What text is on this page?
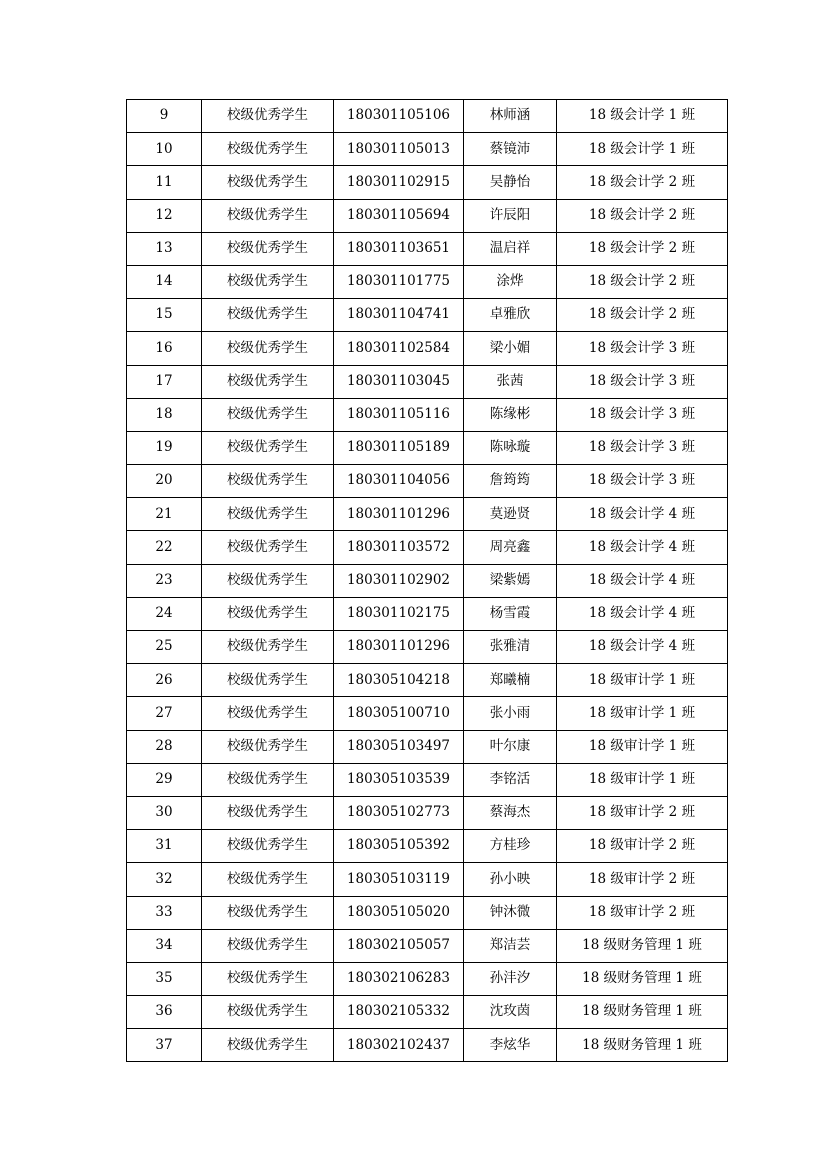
9	校级优秀学生	180301105106	林师涵	18 级会计学 1 班
10	校级优秀学生	180301105013	蔡镜沛	18 级会计学 1 班
11	校级优秀学生	180301102915	吴静怡	18 级会计学 2 班
12	校级优秀学生	180301105694	许辰阳	18 级会计学 2 班
13	校级优秀学生	180301103651	温启祥	18 级会计学 2 班
14	校级优秀学生	180301101775	涂烨	18 级会计学 2 班
15	校级优秀学生	180301104741	卓雅欣	18 级会计学 2 班
16	校级优秀学生	180301102584	梁小媚	18 级会计学 3 班
17	校级优秀学生	180301103045	张茜	18 级会计学 3 班
18	校级优秀学生	180301105116	陈缘彬	18 级会计学 3 班
19	校级优秀学生	180301105189	陈咏璇	18 级会计学 3 班
20	校级优秀学生	180301104056	詹筠筠	18 级会计学 3 班
21	校级优秀学生	180301101296	莫逊贤	18 级会计学 4 班
22	校级优秀学生	180301103572	周亮鑫	18 级会计学 4 班
23	校级优秀学生	180301102902	梁紫嫣	18 级会计学 4 班
24	校级优秀学生	180301102175	杨雪霞	18 级会计学 4 班
25	校级优秀学生	180301101296	张雅清	18 级会计学 4 班
26	校级优秀学生	180305104218	郑曦楠	18 级审计学 1 班
27	校级优秀学生	180305100710	张小雨	18 级审计学 1 班
28	校级优秀学生	180305103497	叶尔康	18 级审计学 1 班
29	校级优秀学生	180305103539	李铭活	18 级审计学 1 班
30	校级优秀学生	180305102773	蔡海杰	18 级审计学 2 班
31	校级优秀学生	180305105392	方桂珍	18 级审计学 2 班
32	校级优秀学生	180305103119	孙小映	18 级审计学 2 班
33	校级优秀学生	180305105020	钟沐微	18 级审计学 2 班
34	校级优秀学生	180302105057	郑洁芸	18 级财务管理 1 班
35	校级优秀学生	180302106283	孙沣汐	18 级财务管理 1 班
36	校级优秀学生	180302105332	沈玫茵	18 级财务管理 1 班
37	校级优秀学生	180302102437	李炫华	18 级财务管理 1 班
